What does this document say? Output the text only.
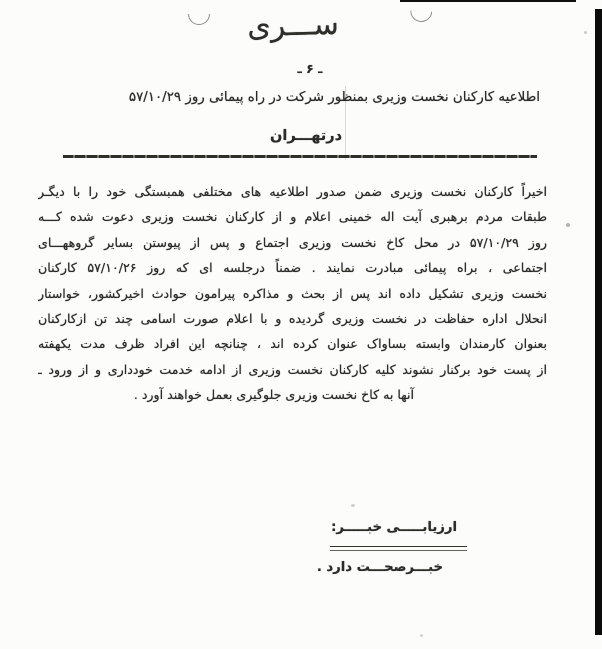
ســـری
ـ ۶ ـ
اطلاعیه کارکنان نخست وزیری بمنظور شرکت در راه پیمائی روز ۵۷/۱۰/۲۹
درتهـــران
اخیراً کارکنان نخست وزیری ضمن صدور اطلاعیه های مختلفی همبستگی خود را با دیگـر
طبقات مردم برهبری آیت اله خمینی اعلام و از کارکنان نخست وزیری دعوت شده کـــه
روز ۵۷/۱۰/۲۹ در محل کاخ نخست وزیری اجتماع و پس از پیوستن بسایر گروههـــای
اجتماعی ، براه پیمائی مبادرت نمایند . ضمناً درجلسه ای که روز ۵۷/۱۰/۲۶ کارکنان
نخست وزیری تشکیل داده اند پس از بحث و مذاکره پیرامون حوادث اخیرکشور، خواستار
انحلال اداره حفاظت در نخست وزیری گردیده و با اعلام صورت اسامی چند تن ازکارکنان
بعنوان کارمندان وابسته بساواک عنوان کرده اند ، چنانچه این افراد ظرف مدت یکهفته
از پست خود برکنار نشوند کلیه کارکنان نخست وزیری از ادامه خدمت خودداری و از ورود ـ
آنها به کاخ نخست وزیری جلوگیری بعمل خواهند آورد .
ارزیابـــــی خبـــــر:
خبـــرصحـــت دارد .
